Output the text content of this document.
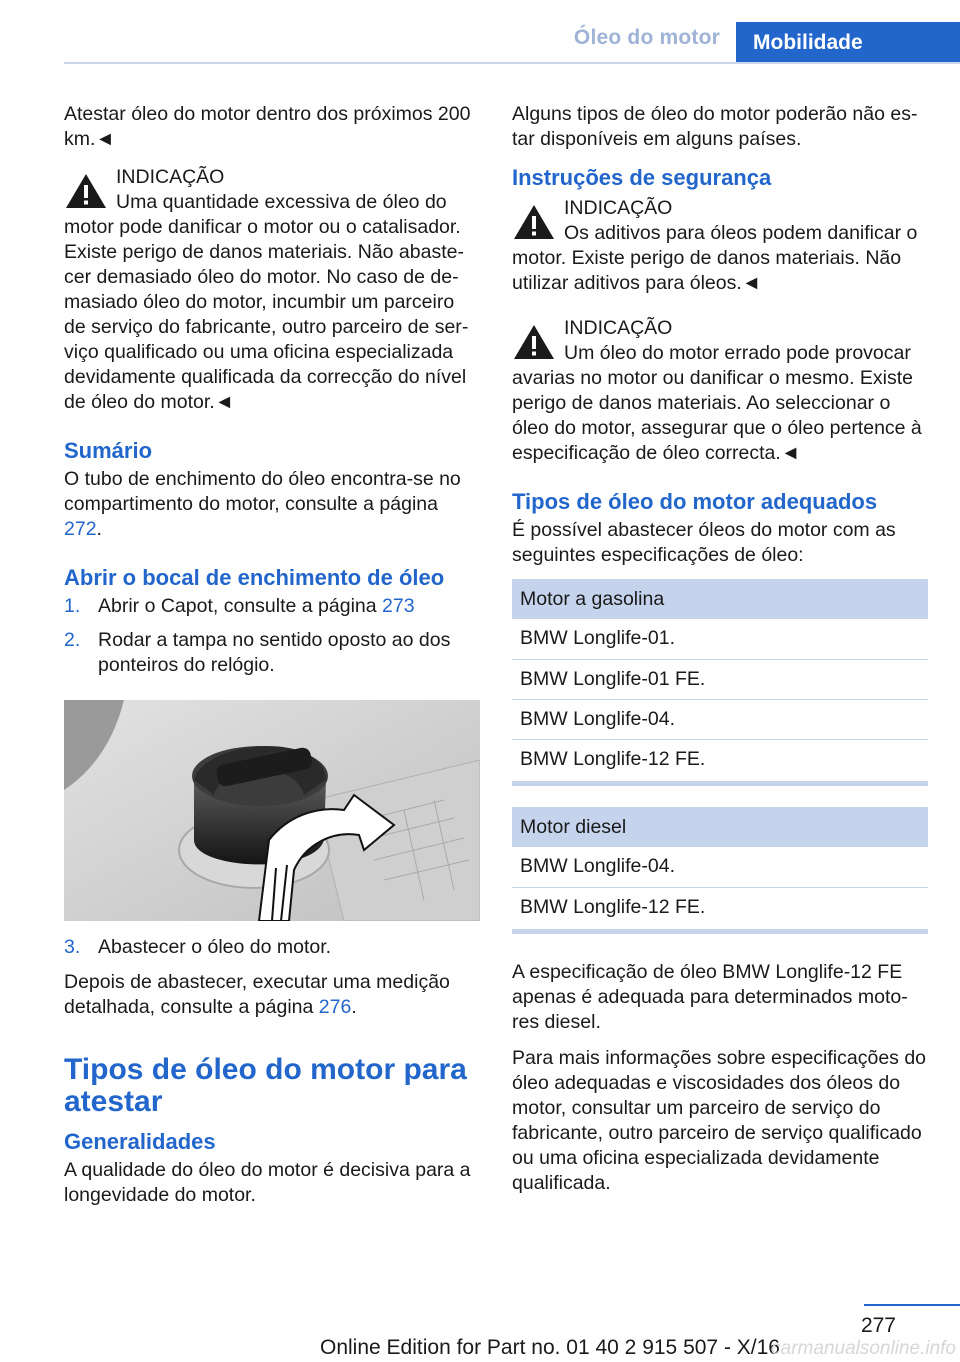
Óleo do motor	Mobilidade

Atestar óleo do motor dentro dos próximos 200 km.◄

INDICAÇÃO
Uma quantidade excessiva de óleo do motor pode danificar o motor ou o catalisador. Existe perigo de danos materiais. Não abastecer demasiado óleo do motor. No caso de demasiado óleo do motor, incumbir um parceiro de serviço do fabricante, outro parceiro de serviço qualificado ou uma oficina especializada devidamente qualificada da correcção do nível de óleo do motor.◄
Sumário

O tubo de enchimento do óleo encontra-se no compartimento do motor, consulte a página 272.

Abrir o bocal de enchimento de óleo
1. Abrir o Capot, consulte a página 273
2. Rodar a tampa no sentido oposto ao dos ponteiros do relógio.
3. Abastecer o óleo do motor.

Depois de abastecer, executar uma medição detalhada, consulte a página 276.

Tipos de óleo do motor para atestar
Generalidades

A qualidade do óleo do motor é decisiva para a longevidade do motor.

Alguns tipos de óleo do motor poderão não estar disponíveis em alguns países.

Instruções de segurança
INDICAÇÃO
Os aditivos para óleos podem danificar o motor. Existe perigo de danos materiais. Não utilizar aditivos para óleos.◄
INDICAÇÃO
Um óleo do motor errado pode provocar avarias no motor ou danificar o mesmo. Existe perigo de danos materiais. Ao seleccionar o óleo do motor, assegurar que o óleo pertence à especificação de óleo correcta.◄
Tipos de óleo do motor adequados

É possível abastecer óleos do motor com as seguintes especificações de óleo:

Motor a gasolina
BMW Longlife-01.
BMW Longlife-01 FE.
BMW Longlife-04.
BMW Longlife-12 FE.
Motor diesel
BMW Longlife-04.
BMW Longlife-12 FE.

A especificação de óleo BMW Longlife-12 FE apenas é adequada para determinados motores diesel.

Para mais informações sobre especificações do óleo adequadas e viscosidades dos óleos do motor, consultar um parceiro de serviço do fabricante, outro parceiro de serviço qualificado ou uma oficina especializada devidamente qualificada.

277
Online Edition for Part no. 01 40 2 915 507 - X/16
carmanualsonline.info
